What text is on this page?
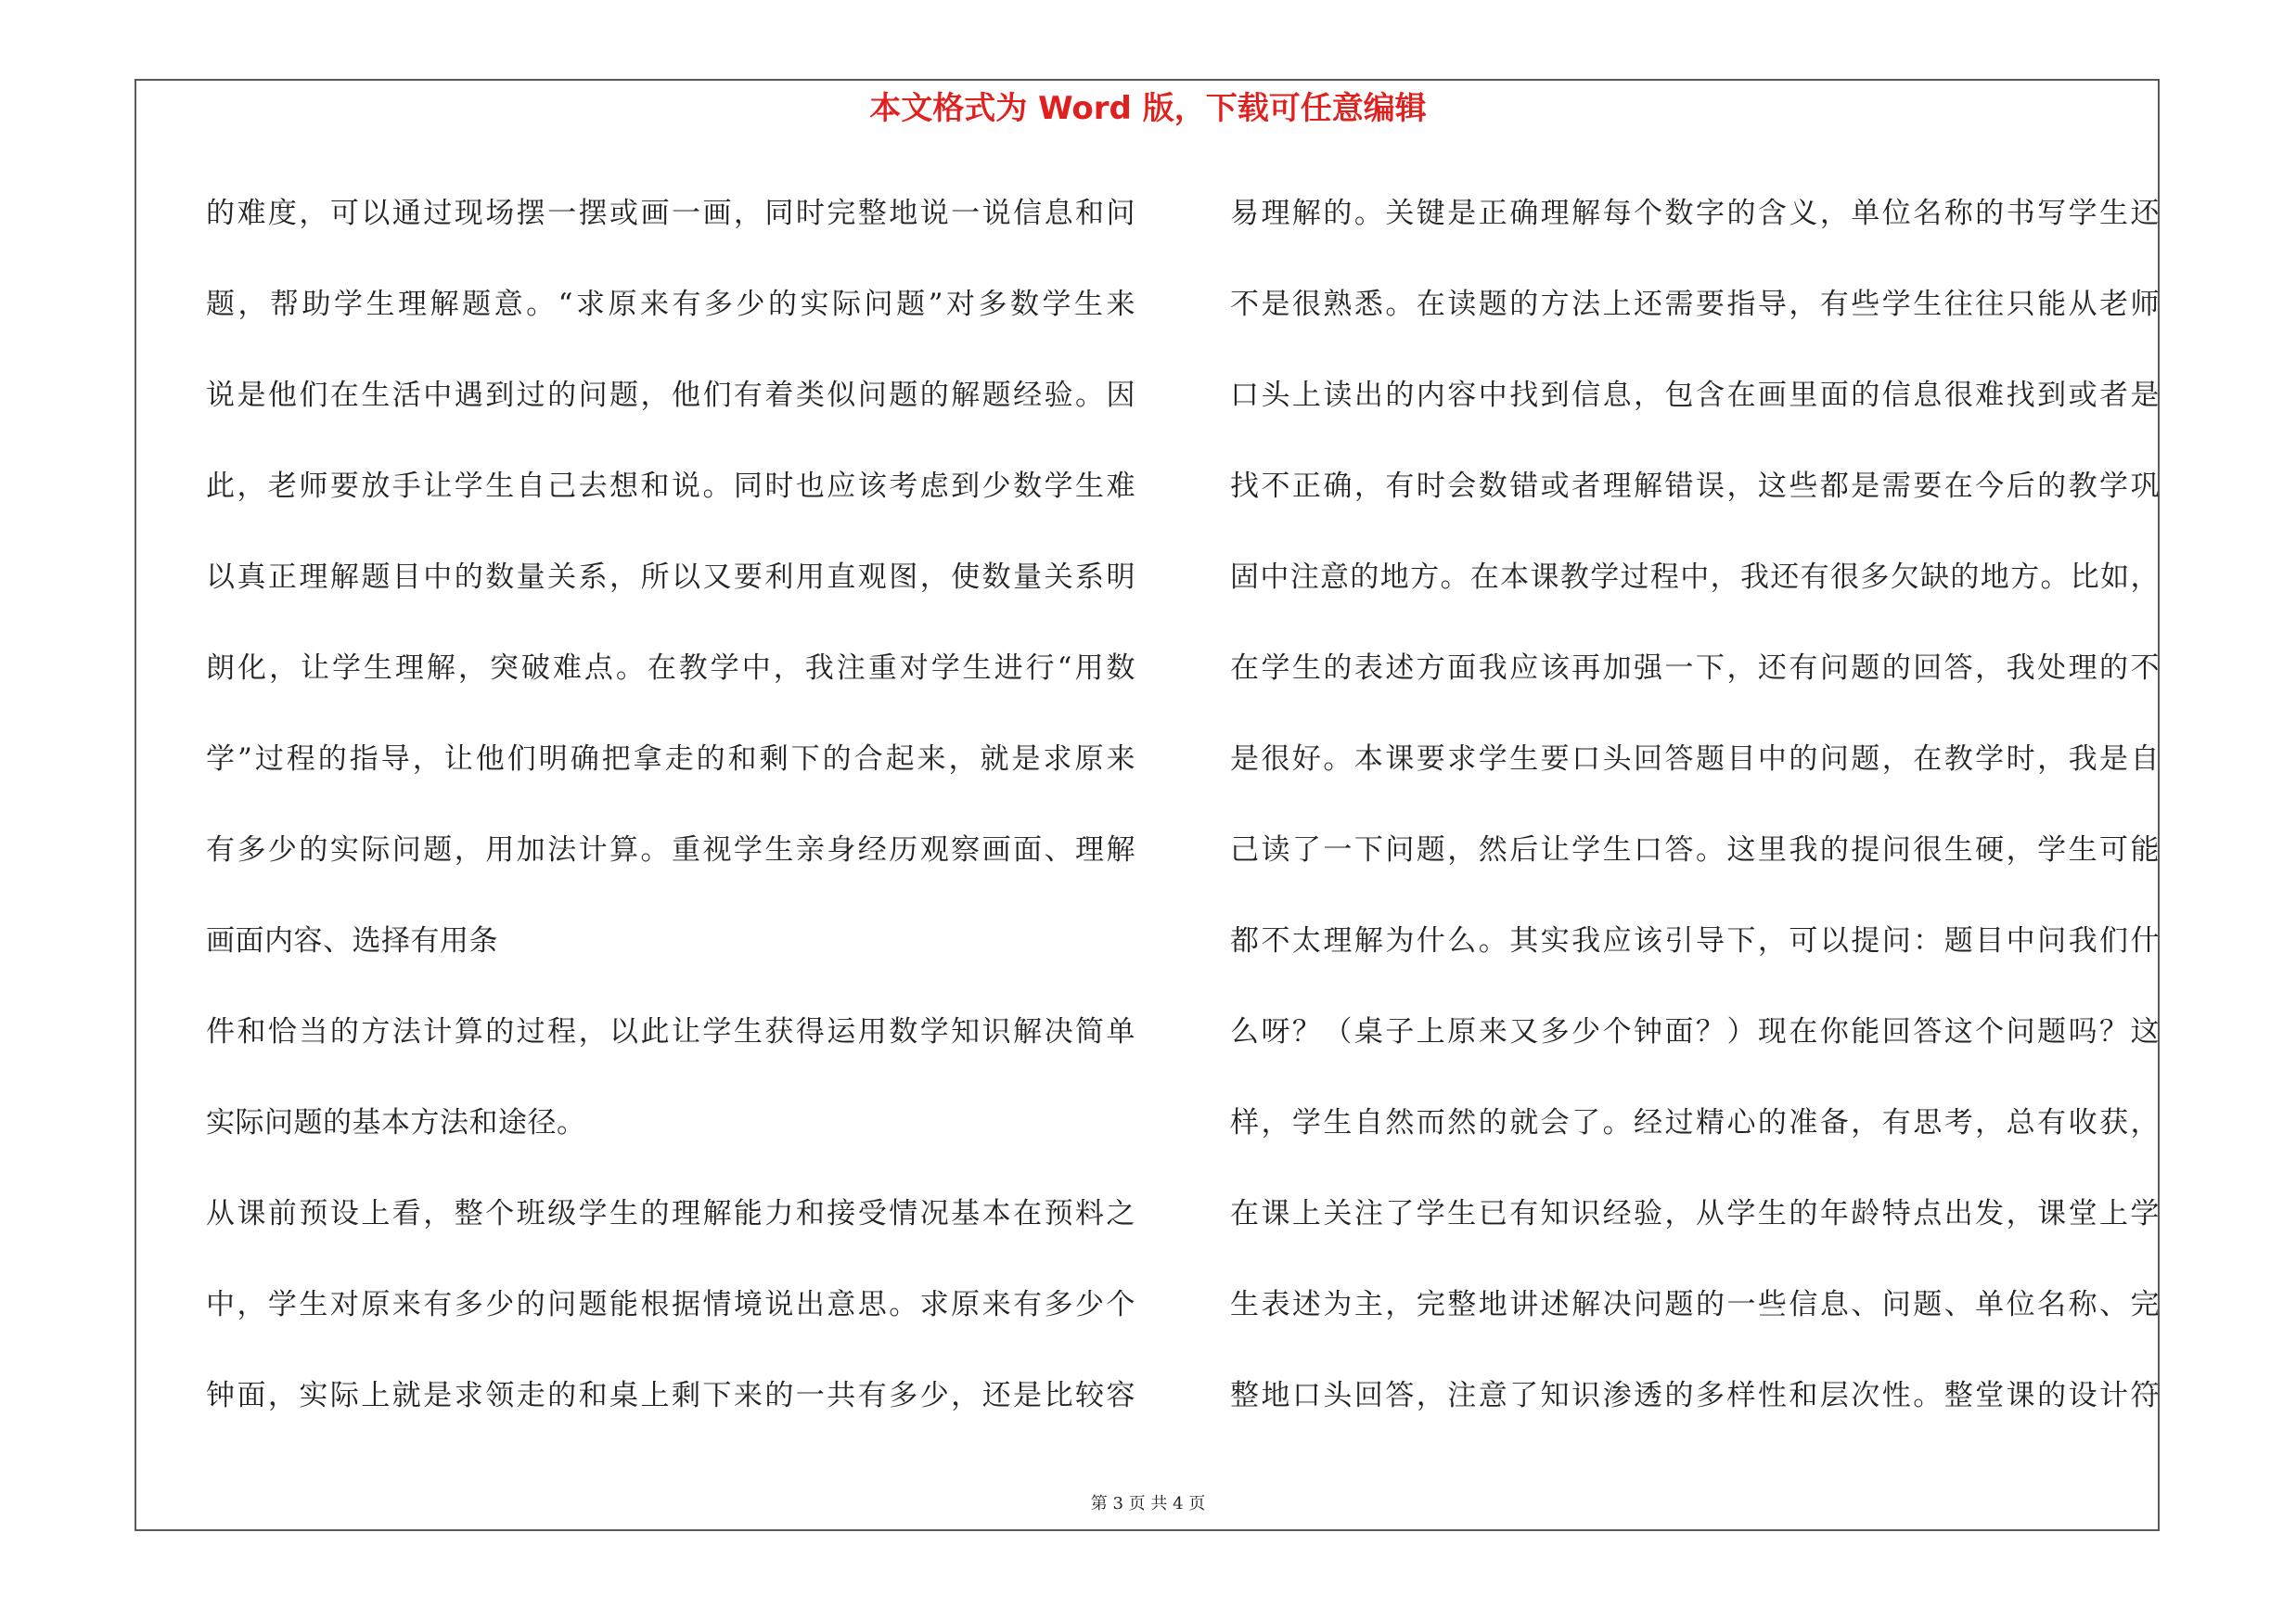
本文格式为 Word 版，下载可任意编辑
的难度，可以通过现场摆一摆或画一画，同时完整地说一说信息和问
题，帮助学生理解题意。“求原来有多少的实际问题”对多数学生来
说是他们在生活中遇到过的问题，他们有着类似问题的解题经验。因
此，老师要放手让学生自己去想和说。同时也应该考虑到少数学生难
以真正理解题目中的数量关系，所以又要利用直观图，使数量关系明
朗化，让学生理解，突破难点。在教学中，我注重对学生进行“用数
学”过程的指导，让他们明确把拿走的和剩下的合起来，就是求原来
有多少的实际问题，用加法计算。重视学生亲身经历观察画面、理解
画面内容、选择有用条
件和恰当的方法计算的过程，以此让学生获得运用数学知识解决简单
实际问题的基本方法和途径。
从课前预设上看，整个班级学生的理解能力和接受情况基本在预料之
中，学生对原来有多少的问题能根据情境说出意思。求原来有多少个
钟面，实际上就是求领走的和桌上剩下来的一共有多少，还是比较容
易理解的。关键是正确理解每个数字的含义，单位名称的书写学生还
不是很熟悉。在读题的方法上还需要指导，有些学生往往只能从老师
口头上读出的内容中找到信息，包含在画里面的信息很难找到或者是
找不正确，有时会数错或者理解错误，这些都是需要在今后的教学巩
固中注意的地方。在本课教学过程中，我还有很多欠缺的地方。比如，
在学生的表述方面我应该再加强一下，还有问题的回答，我处理的不
是很好。本课要求学生要口头回答题目中的问题，在教学时，我是自
己读了一下问题，然后让学生口答。这里我的提问很生硬，学生可能
都不太理解为什么。其实我应该引导下，可以提问：题目中问我们什
么呀？（桌子上原来又多少个钟面？）现在你能回答这个问题吗？这
样，学生自然而然的就会了。经过精心的准备，有思考，总有收获，
在课上关注了学生已有知识经验，从学生的年龄特点出发，课堂上学
生表述为主，完整地讲述解决问题的一些信息、问题、单位名称、完
整地口头回答，注意了知识渗透的多样性和层次性。整堂课的设计符
第 3 页 共 4 页
